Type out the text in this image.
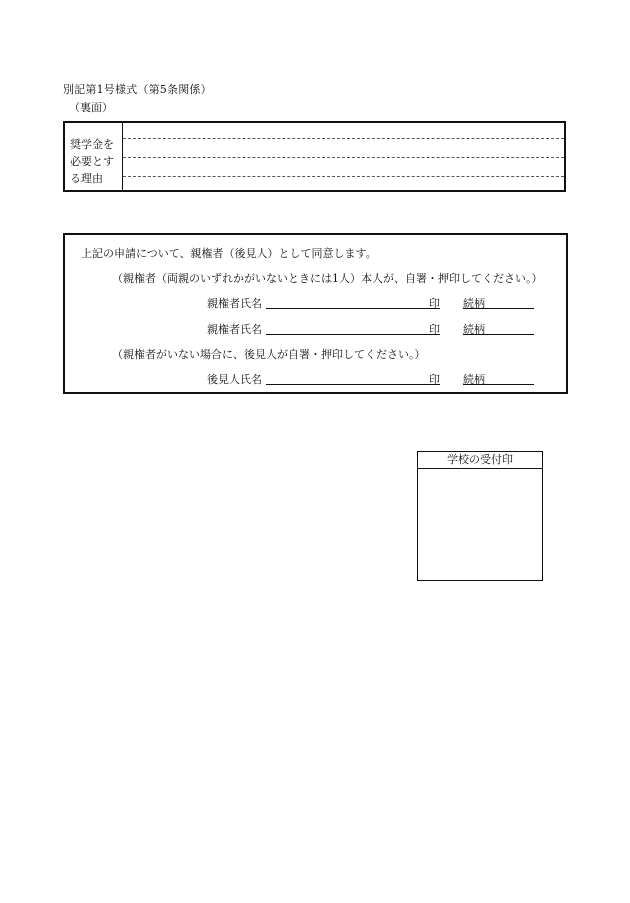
別記第1号様式（第5条関係）
（裏面）
奨学金を
必要とす
る理由
上記の申請について、親権者（後見人）として同意します。
（親権者（両親のいずれかがいないときには1人）本人が、自署・押印してください。）
親権者氏名	印 続柄
親権者氏名	印 続柄
（親権者がいない場合に、後見人が自署・押印してください。）
後見人氏名	印 続柄
学校の受付印
